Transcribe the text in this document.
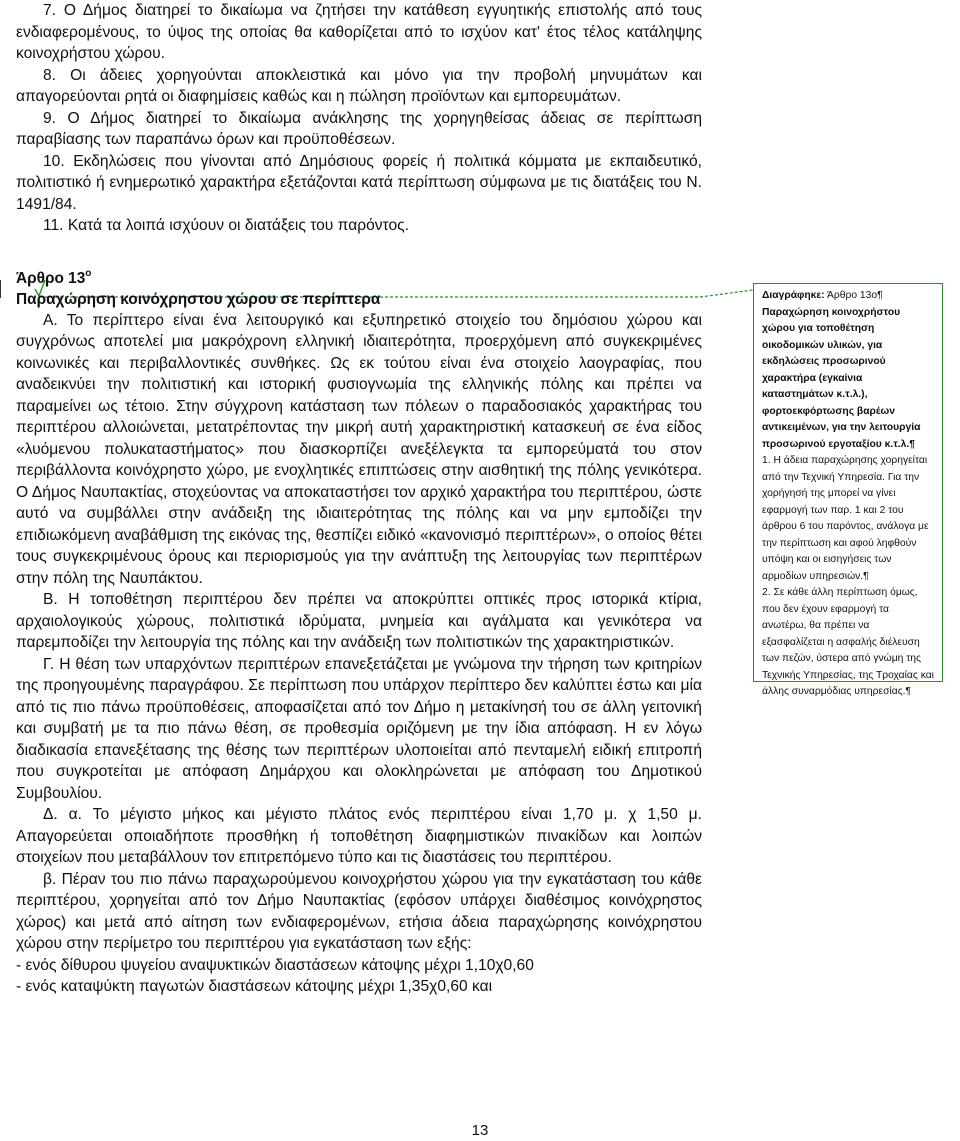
7. Ο Δήμος διατηρεί το δικαίωμα να ζητήσει την κατάθεση εγγυητικής επιστολής από τους ενδιαφερομένους, το ύψος της οποίας θα καθορίζεται από το ισχύον κατ' έτος τέλος κατάληψης κοινοχρήστου χώρου.

8. Οι άδειες χορηγούνται αποκλειστικά και μόνο για την προβολή μηνυμάτων και απαγορεύονται ρητά οι διαφημίσεις καθώς και η πώληση προϊόντων και εμπορευμάτων.

9. Ο Δήμος διατηρεί το δικαίωμα ανάκλησης της χορηγηθείσας άδειας σε περίπτωση παραβίασης των παραπάνω όρων και προϋποθέσεων.

10. Εκδηλώσεις που γίνονται από Δημόσιους φορείς ή πολιτικά κόμματα με εκπαιδευτικό, πολιτιστικό ή ενημερωτικό χαρακτήρα εξετάζονται κατά περίπτωση σύμφωνα με τις διατάξεις του Ν. 1491/84.

11. Κατά τα λοιπά ισχύουν οι διατάξεις του παρόντος.

Άρθρο $13^o$

Παραχώρηση κοινόχρηστου χώρου σε περίπτερα

Α. Το περίπτερο είναι ένα λειτουργικό και εξυπηρετικό στοιχείο του δημόσιου χώρου και συγχρόνως αποτελεί μια μακρόχρονη ελληνική ιδιαιτερότητα, προερχόμενη από συγκεκριμένες κοινωνικές και περιβαλλοντικές συνθήκες. Ως εκ τούτου είναι ένα στοιχείο λαογραφίας, που αναδεικνύει την πολιτιστική και ιστορική φυσιογνωμία της ελληνικής πόλης και πρέπει να παραμείνει ως τέτοιο. Στην σύγχρονη κατάσταση των πόλεων ο παραδοσιακός χαρακτήρας του περιπτέρου αλλοιώνεται, μετατρέποντας την μικρή αυτή χαρακτηριστική κατασκευή σε ένα είδος «λυόμενου πολυκαταστήματος» που διασκορπίζει ανεξέλεγκτα τα εμπορεύματά του στον περιβάλλοντα κοινόχρηστο χώρο, με ενοχλητικές επιπτώσεις στην αισθητική της πόλης γενικότερα. Ο Δήμος Ναυπακτίας, στοχεύοντας να αποκαταστήσει τον αρχικό χαρακτήρα του περιπτέρου, ώστε αυτό να συμβάλλει στην ανάδειξη της ιδιαιτερότητας της πόλης και να μην εμποδίζει την επιδιωκόμενη αναβάθμιση της εικόνας της, θεσπίζει ειδικό «κανονισμό περιπτέρων», ο οποίος θέτει τους συγκεκριμένους όρους και περιορισμούς για την ανάπτυξη της λειτουργίας των περιπτέρων στην πόλη της Ναυπάκτου.

Β. Η τοποθέτηση περιπτέρου δεν πρέπει να αποκρύπτει οπτικές προς ιστορικά κτίρια, αρχαιολογικούς χώρους, πολιτιστικά ιδρύματα, μνημεία και αγάλματα και γενικότερα να παρεμποδίζει την λειτουργία της πόλης και την ανάδειξη των πολιτιστικών της χαρακτηριστικών.

Γ. Η θέση των υπαρχόντων περιπτέρων επανεξετάζεται με γνώμονα την τήρηση των κριτηρίων της προηγουμένης παραγράφου. Σε περίπτωση που υπάρχον περίπτερο δεν καλύπτει έστω και μία από τις πιο πάνω προϋποθέσεις, αποφασίζεται από τον Δήμο η μετακίνησή του σε άλλη γειτονική και συμβατή με τα πιο πάνω θέση, σε προθεσμία οριζόμενη με την ίδια απόφαση. Η εν λόγω διαδικασία επανεξέτασης της θέσης των περιπτέρων υλοποιείται από πενταμελή ειδική επιτροπή που συγκροτείται με απόφαση Δημάρχου και ολοκληρώνεται με απόφαση του Δημοτικού Συμβουλίου.

Δ. α. Το μέγιστο μήκος και μέγιστο πλάτος ενός περιπτέρου είναι 1,70 μ. χ 1,50 μ. Απαγορεύεται οποιαδήποτε προσθήκη ή τοποθέτηση διαφημιστικών πινακίδων και λοιπών στοιχείων που μεταβάλλουν τον επιτρεπόμενο τύπο και τις διαστάσεις του περιπτέρου.

β. Πέραν του πιο πάνω παραχωρούμενου κοινοχρήστου χώρου για την εγκατάσταση του κάθε περιπτέρου, χορηγείται από τον Δήμο Ναυπακτίας (εφόσον υπάρχει διαθέσιμος κοινόχρηστος χώρος) και μετά από αίτηση των ενδιαφερομένων, ετήσια άδεια παραχώρησης κοινόχρηστου χώρου στην περίμετρο του περιπτέρου για εγκατάσταση των εξής:

- ενός δίθυρου ψυγείου αναψυκτικών διαστάσεων κάτοψης μέχρι 1,10χ0,60

- ενός καταψύκτη παγωτών διαστάσεων κάτοψης μέχρι 1,35χ0,60 και

Διαγράφηκε: Άρθρο 13ο¶

Παραχώρηση κοινοχρήστου χώρου για τοποθέτηση οικοδομικών υλικών, για εκδηλώσεις προσωρινού χαρακτήρα (εγκαίνια καταστημάτων κ.τ.λ.), φορτοεκφόρτωσης βαρέων αντικειμένων, για την λειτουργία προσωρινού εργοταξίου κ.τ.λ.¶

1. Η άδεια παραχώρησης χορηγείται από την Τεχνική Υπηρεσία. Για την χορήγησή της μπορεί να γίνει εφαρμογή των παρ. 1 και 2 του άρθρου 6 του παρόντος, ανάλογα με την περίπτωση και αφού ληφθούν υπόψη και οι εισηγήσεις των αρμοδίων υπηρεσιών.¶

2. Σε κάθε άλλη περίπτωση όμως, που δεν έχουν εφαρμογή τα ανωτέρω, θα πρέπει να εξασφαλίζεται η ασφαλής διέλευση των πεζών, ύστερα από γνώμη της Τεχνικής Υπηρεσίας, της Τροχαίας και άλλης συναρμόδιας υπηρεσίας.¶

13
